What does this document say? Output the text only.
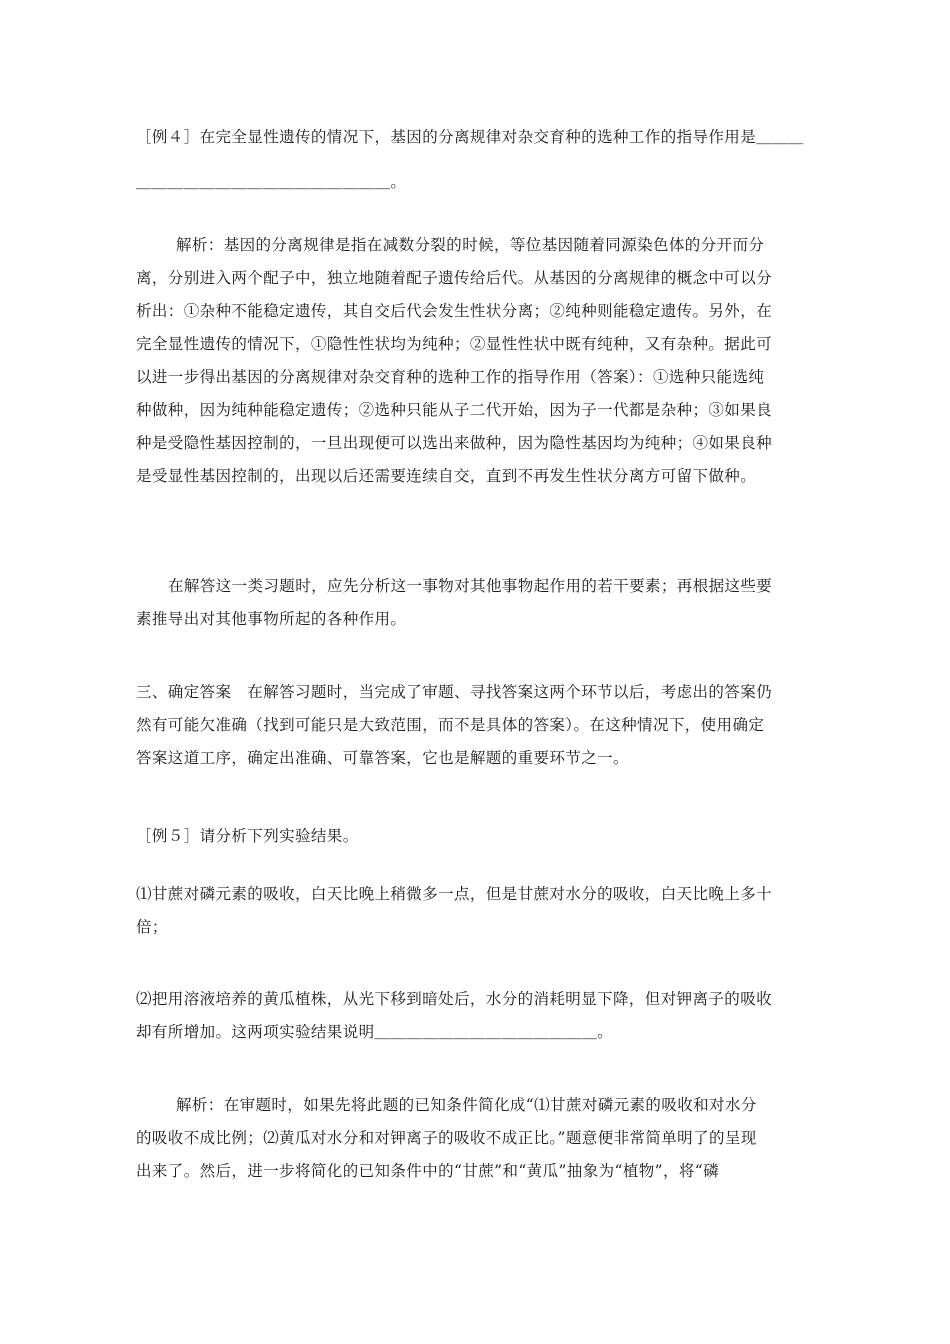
［例４］在完全显性遗传的情况下，基因的分离规律对杂交育种的选种工作的指导作用是＿＿＿
＿＿＿＿＿＿＿＿＿＿＿＿＿＿＿＿。
解析：基因的分离规律是指在减数分裂的时候，等位基因随着同源染色体的分开而分
离，分别进入两个配子中，独立地随着配子遗传给后代。从基因的分离规律的概念中可以分
析出：①杂种不能稳定遗传，其自交后代会发生性状分离；②纯种则能稳定遗传。另外，在
完全显性遗传的情况下，①隐性性状均为纯种；②显性性状中既有纯种，又有杂种。据此可
以进一步得出基因的分离规律对杂交育种的选种工作的指导作用（答案）：①选种只能选纯
种做种，因为纯种能稳定遗传；②选种只能从子二代开始，因为子一代都是杂种；③如果良
种是受隐性基因控制的，一旦出现便可以选出来做种，因为隐性基因均为纯种；④如果良种
是受显性基因控制的，出现以后还需要连续自交，直到不再发生性状分离方可留下做种。
在解答这一类习题时，应先分析这一事物对其他事物起作用的若干要素；再根据这些要
素推导出对其他事物所起的各种作用。
三、确定答案　在解答习题时，当完成了审题、寻找答案这两个环节以后，考虑出的答案仍
然有可能欠准确（找到可能只是大致范围，而不是具体的答案）。在这种情况下，使用确定
答案这道工序，确定出准确、可靠答案，它也是解题的重要环节之一。
［例５］请分析下列实验结果。
⑴甘蔗对磷元素的吸收，白天比晚上稍微多一点，但是甘蔗对水分的吸收，白天比晚上多十
倍；
⑵把用溶液培养的黄瓜植株，从光下移到暗处后，水分的消耗明显下降，但对钾离子的吸收
却有所增加。这两项实验结果说明＿＿＿＿＿＿＿＿＿＿＿＿＿＿。
解析：在审题时，如果先将此题的已知条件简化成“⑴甘蔗对磷元素的吸收和对水分
的吸收不成比例；⑵黄瓜对水分和对钾离子的吸收不成正比。”题意便非常简单明了的呈现
出来了。然后，进一步将简化的已知条件中的“甘蔗”和“黄瓜”抽象为“植物”，将“磷
